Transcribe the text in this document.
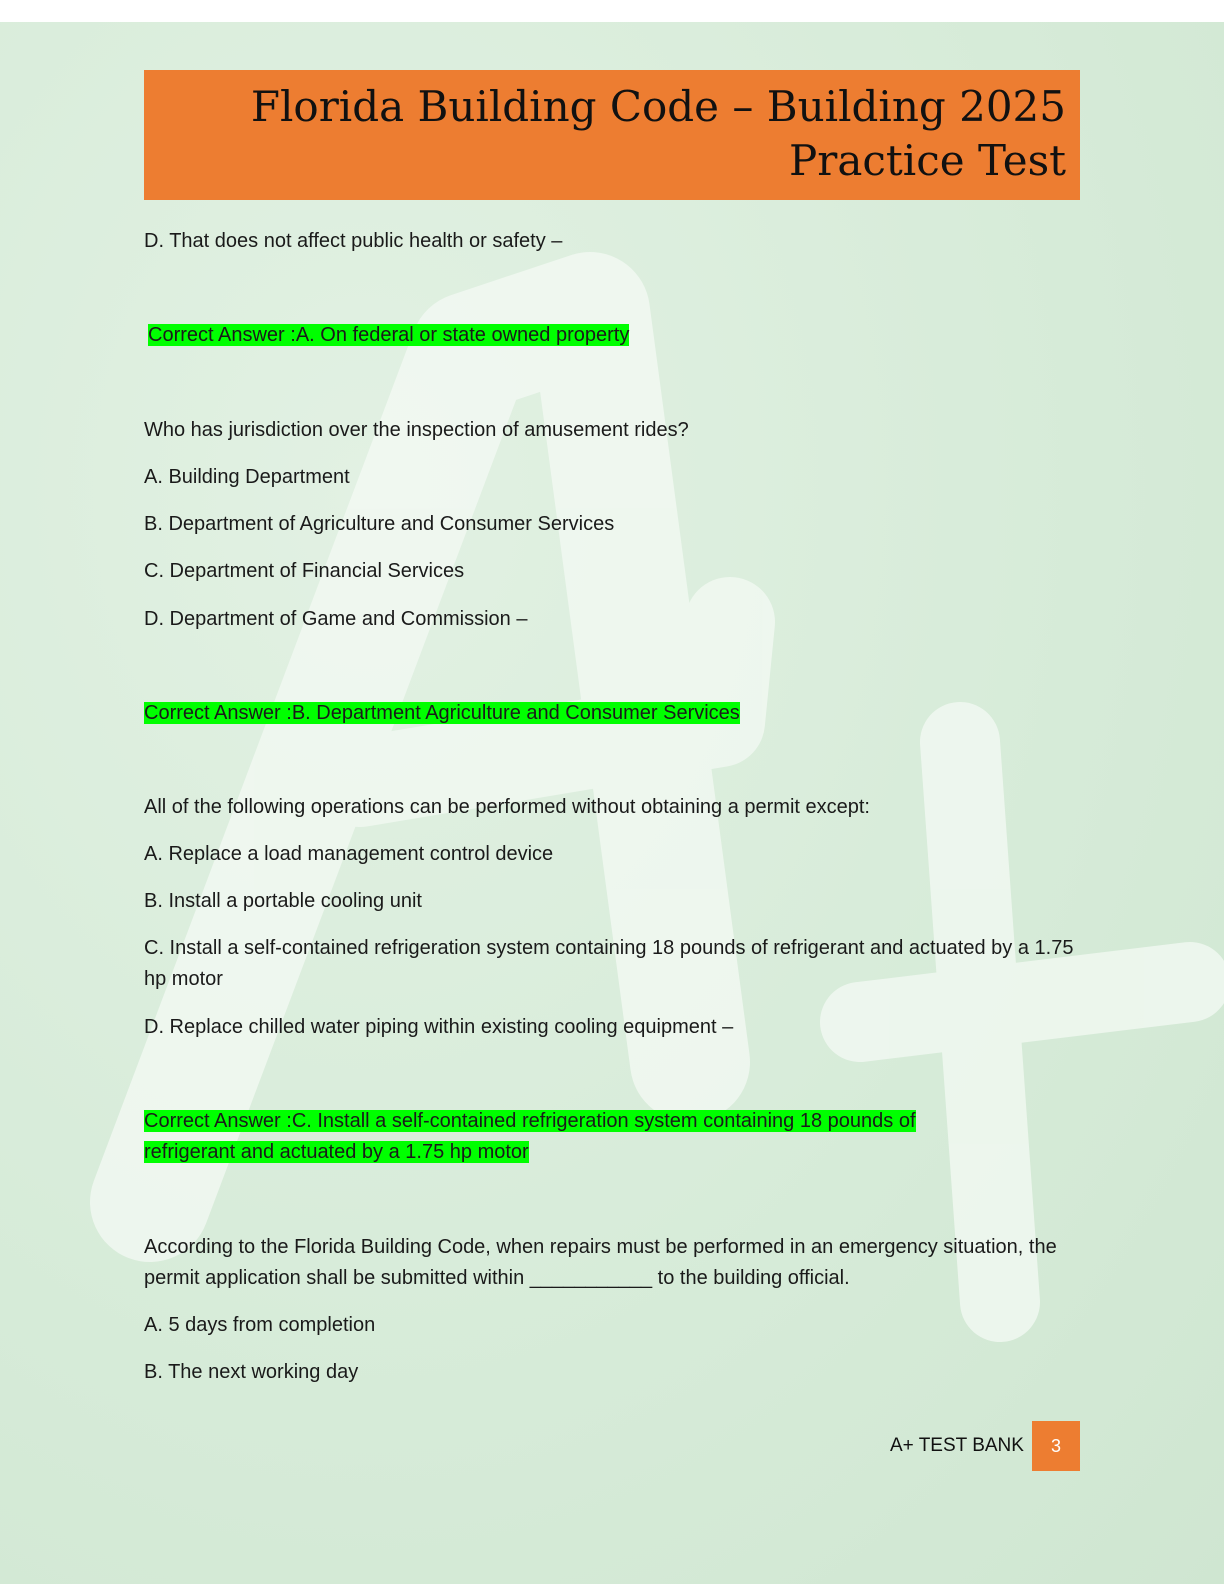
Florida Building Code – Building 2025
Practice Test
D. That does not affect public health or safety –
Correct Answer :A. On federal or state owned property
Who has jurisdiction over the inspection of amusement rides?
A. Building Department
B. Department of Agriculture and Consumer Services
C. Department of Financial Services
D. Department of Game and Commission –
Correct Answer :B. Department Agriculture and Consumer Services
All of the following operations can be performed without obtaining a permit except:
A. Replace a load management control device
B. Install a portable cooling unit
C. Install a self-contained refrigeration system containing 18 pounds of refrigerant and actuated by a 1.75 hp motor
D. Replace chilled water piping within existing cooling equipment –
Correct Answer :C. Install a self-contained refrigeration system containing 18 pounds of refrigerant and actuated by a 1.75 hp motor
According to the Florida Building Code, when repairs must be performed in an emergency situation, the permit application shall be submitted within ___________ to the building official.
A. 5 days from completion
B. The next working day
A+ TEST BANK	3
